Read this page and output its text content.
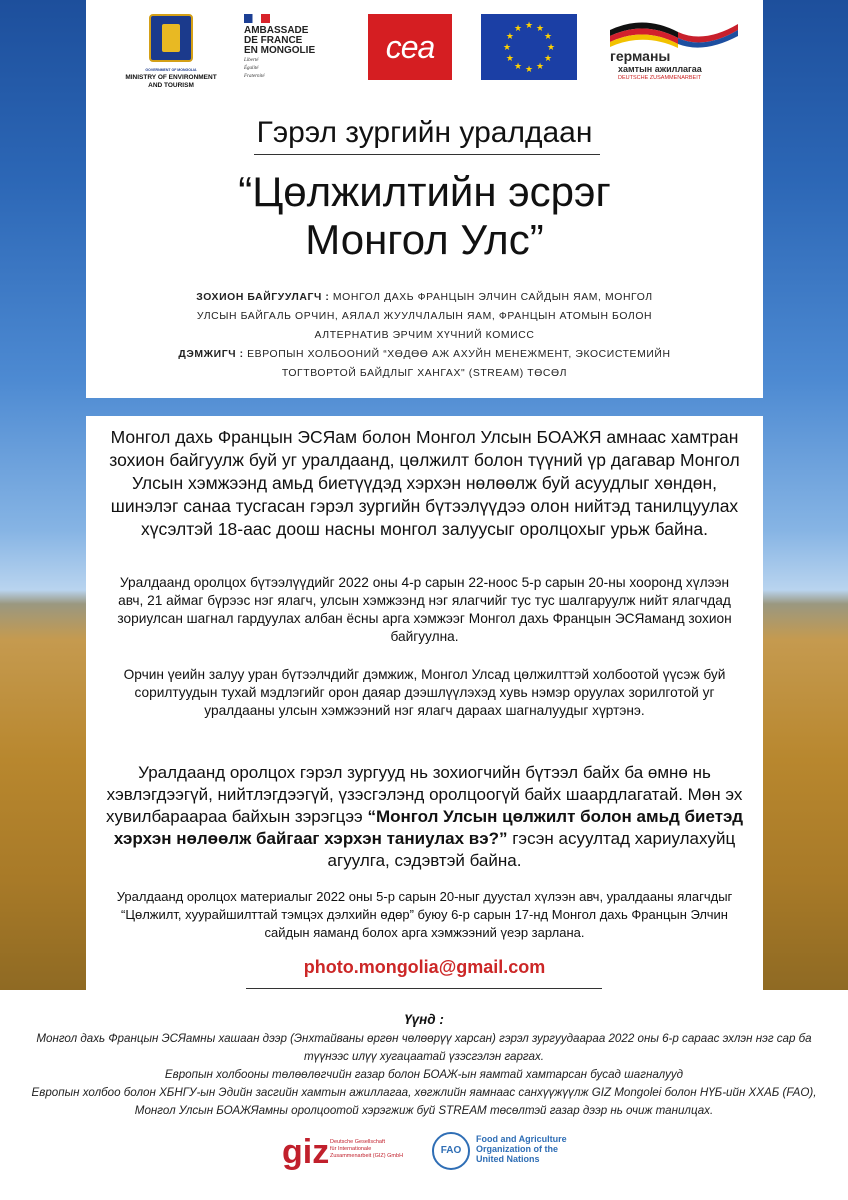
GOVERNMENT OF MONGOLIA
MINISTRY OF ENVIRONMENT
AND TOURISM
AMBASSADE
DE FRANCE
EN MONGOLIE
Liberté
Égalité
Fraternité
cea
★ ★
★
★
★
★
★
★
★
★
★
★
германы
хамтын ажиллагаа
DEUTSCHE ZUSAMMENARBEIT
Гэрэл зургийн уралдаан
“Цөлжилтийн эсрэг
Монгол Улс”
ЗОХИОН БАЙГУУЛАГЧ : МОНГОЛ ДАХЬ ФРАНЦЫН ЭЛЧИН САЙДЫН ЯАМ, МОНГОЛ
УЛСЫН БАЙГАЛЬ ОРЧИН, АЯЛАЛ ЖУУЛЧЛАЛЫН ЯАМ, ФРАНЦЫН АТОМЫН БОЛОН
АЛТЕРНАТИВ ЭРЧИМ ХҮЧНИЙ КОМИСС
ДЭМЖИГЧ : ЕВРОПЫН ХОЛБООНИЙ “ХӨДӨӨ АЖ АХУЙН МЕНЕЖМЕНТ, ЭКОСИСТЕМИЙН
ТОГТВОРТОЙ БАЙДЛЫГ ХАНГАХ" (STREAM) ТӨСӨЛ

Монгол дахь Францын ЭСЯам болон Монгол Улсын БОАЖЯ амнаас хамтран зохион байгуулж буй уг уралдаанд, цөлжилт болон түүний үр дагавар Монгол Улсын хэмжээнд амьд биетүүдэд хэрхэн нөлөөлж буй асуудлыг хөндөн, шинэлэг санаа тусгасан гэрэл зургийн бүтээлүүдээ олон нийтэд танилцуулах хүсэлтэй 18-аас доош насны монгол залуусыг оролцохыг урьж байна.

Уралдаанд оролцох бүтээлүүдийг 2022 оны 4-р сарын 22-ноос 5-р сарын 20-ны хооронд хүлээн авч, 21 аймаг бүрээс нэг ялагч, улсын хэмжээнд нэг ялагчийг тус тус шалгаруулж нийт ялагчдад зориулсан шагнал гардуулах албан ёсны арга хэмжээг Монгол дахь Францын ЭСЯаманд зохион байгуулна.

Орчин үеийн залуу уран бүтээлчдийг дэмжиж, Монгол Улсад цөлжилттэй холбоотой үүсэж буй сорилтуудын тухай мэдлэгийг орон даяар дээшлүүлэхэд хувь нэмэр оруулах зорилготой уг уралдааны улсын хэмжээний нэг ялагч дараах шагналуудыг хүртэнэ.

Уралдаанд оролцох гэрэл зургууд нь зохиогчийн бүтээл байх ба өмнө нь хэвлэгдээгүй, нийтлэгдээгүй, үзэсгэлэнд оролцоогүй байх шаардлагатай. Мөн эх хувилбараараа байхын зэрэгцээ “Монгол Улсын цөлжилт болон амьд биетэд хэрхэн нөлөөлж байгааг хэрхэн таниулах вэ?” гэсэн асуултад хариулахуйц агуулга, сэдэвтэй байна.

Уралдаанд оролцох материалыг 2022 оны 5-р сарын 20-ныг дуустал хүлээн авч, уралдааны ялагчдыг “Цөлжилт, хуурайшилттай тэмцэх дэлхийн өдөр” буюу 6-р сарын 17-нд Монгол дахь Францын Элчин сайдын яаманд болох арга хэмжээний үеэр зарлана.

photo.mongolia@gmail.com
Үүнд :
Монгол дахь Францын ЭСЯамны хашаан дээр (Энхтайваны өргөн чөлөөрүү харсан) гэрэл зургуудаараа 2022 оны 6-р сараас эхлэн нэг сар ба түүнээс илүү хугацаатай үзэсгэлэн гаргах.
Европын холбооны төлөөлөгчийн газар болон БОАЖ-ын яамтай хамтарсан бусад шагналууд
Европын холбоо болон ХБНГУ-ын Эдийн засгийн хамтын ажиллагаа, хөгжлийн яамнаас санхүүжүүлж GIZ Mongolei болон НҮБ-ийн ХХАБ (FAO), Монгол Улсын БОАЖЯамны оролцоотой хэрэгжиж буй STREAM төсөлтэй газар дээр нь очиж танилцах.
giz Deutsche Gesellschaft
für Internationale
Zusammenarbeit (GIZ) GmbH	FAO
Food and Agriculture
Organization of the
United Nations
